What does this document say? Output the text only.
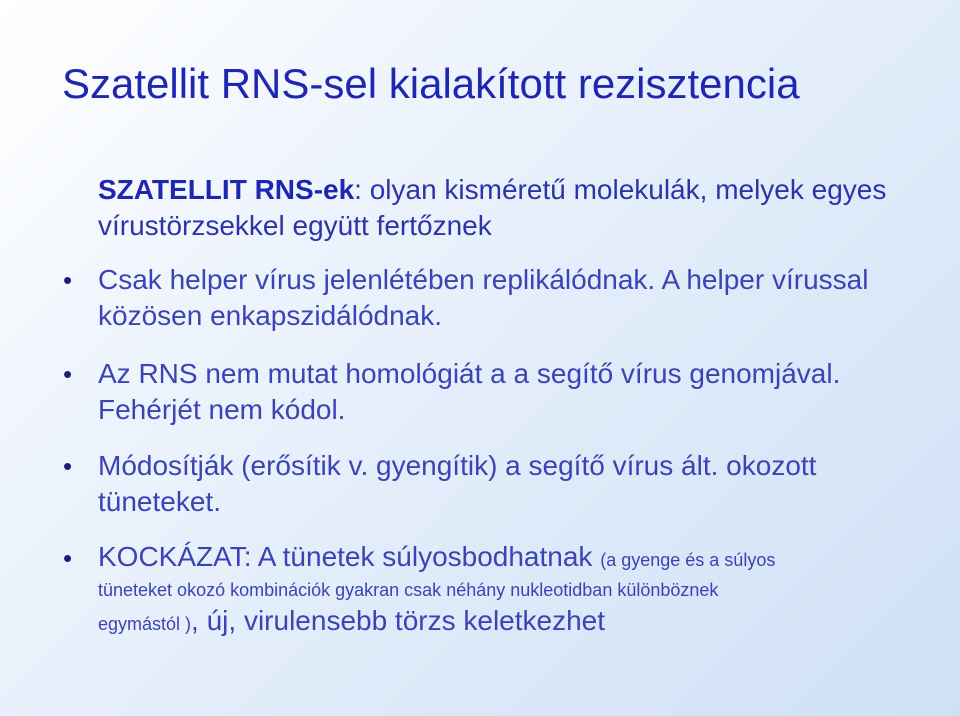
Szatellit RNS-sel kialakított rezisztencia
SZATELLIT RNS-ek: olyan kisméretű molekulák, melyek egyes vírustörzsekkel együtt fertőznek
• Csak helper vírus jelenlétében replikálódnak. A helper vírussal közösen enkapszidálódnak.
• Az RNS nem mutat homológiát a a segítő vírus genomjával. Fehérjét nem kódol.
• Módosítják (erősítik v. gyengítik) a segítő vírus ált. okozott tüneteket.
• KOCKÁZAT: A tünetek súlyosbodhatnak (a gyenge és a súlyos
tüneteket okozó kombinációk gyakran csak néhány nukleotidban különböznek
egymástól ), új, virulensebb törzs keletkezhet
